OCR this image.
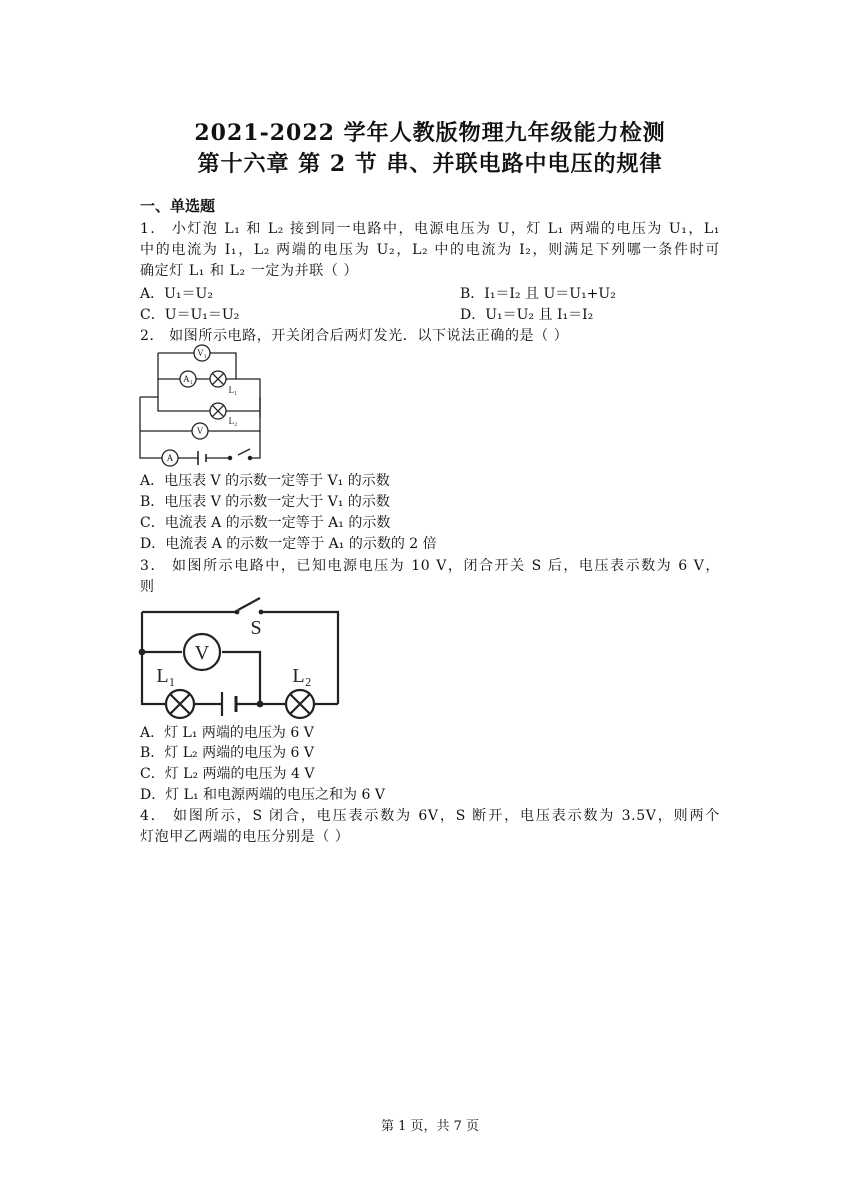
2021-2022 学年人教版物理九年级能力检测
第十六章 第 2 节 串、并联电路中电压的规律
一、单选题
1． 小灯泡 L₁ 和 L₂ 接到同一电路中，电源电压为 U，灯 L₁ 两端的电压为 U₁，L₁
中的电流为 I₁，L₂ 两端的电压为 U₂，L₂ 中的电流为 I₂，则满足下列哪一条件时可
确定灯 L₁ 和 L₂ 一定为并联（ ）
A．U₁＝U₂	B．I₁＝I₂ 且 U＝U₁+U₂
C．U＝U₁＝U₂	D．U₁＝U₂ 且 I₁＝I₂
2． 如图所示电路，开关闭合后两灯发光．以下说法正确的是（ ）
V₁
A₁
L₁
L₂
V
A
A．电压表 V 的示数一定等于 V₁ 的示数
B．电压表 V 的示数一定大于 V₁ 的示数
C．电流表 A 的示数一定等于 A₁ 的示数
D．电流表 A 的示数一定等于 A₁ 的示数的 2 倍
3． 如图所示电路中，已知电源电压为 10 V，闭合开关 S 后，电压表示数为 6 V，
则
S
V
L₁	L₂
A．灯 L₁ 两端的电压为 6 V
B．灯 L₂ 两端的电压为 6 V
C．灯 L₂ 两端的电压为 4 V
D．灯 L₁ 和电源两端的电压之和为 6 V
4． 如图所示，S 闭合，电压表示数为 6V，S 断开，电压表示数为 3.5V，则两个
灯泡甲乙两端的电压分别是（ ）
第 1 页，共 7 页
